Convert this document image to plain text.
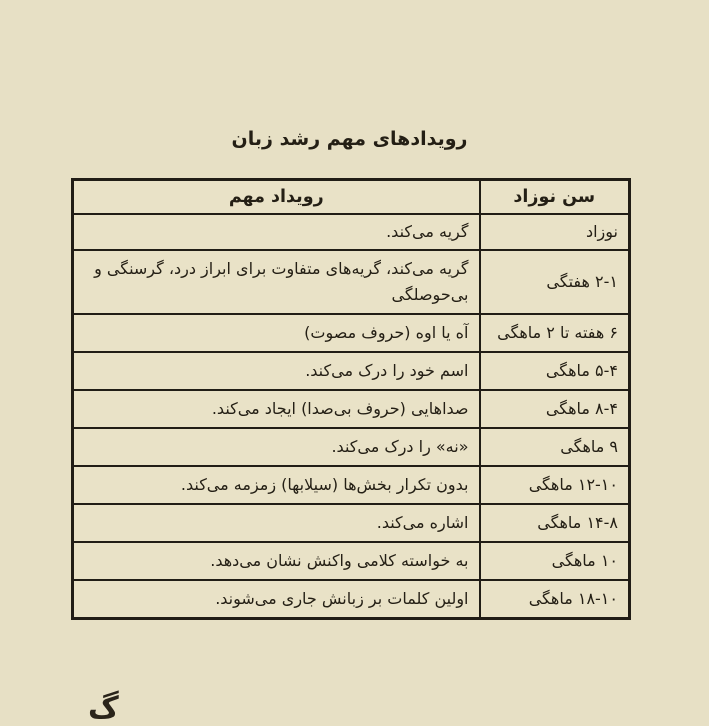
رویدادهای مهم رشد زبان
سن نوزاد	رویداد مهم
نوزاد	گریه می‌کند.
۲-۱ هفتگی	گریه می‌کند، گریه‌های متفاوت برای ابراز درد، گرسنگی و بی‌حوصلگی
۶ هفته تا ۲ ماهگی	آه یا اوه (حروف مصوت)
۵-۴ ماهگی	اسم خود را درک می‌کند.
۸-۴ ماهگی	صداهایی (حروف بی‌صدا) ایجاد می‌کند.
۹ ماهگی	«نه» را درک می‌کند.
۱۲-۱۰ ماهگی	بدون تکرار بخش‌ها (سیلابها) زمزمه می‌کند.
۱۴-۸ ماهگی	اشاره می‌کند.
۱۰ ماهگی	به خواسته کلامی واکنش نشان می‌دهد.
۱۸-۱۰ ماهگی	اولین کلمات بر زبانش جاری می‌شوند.
گ
